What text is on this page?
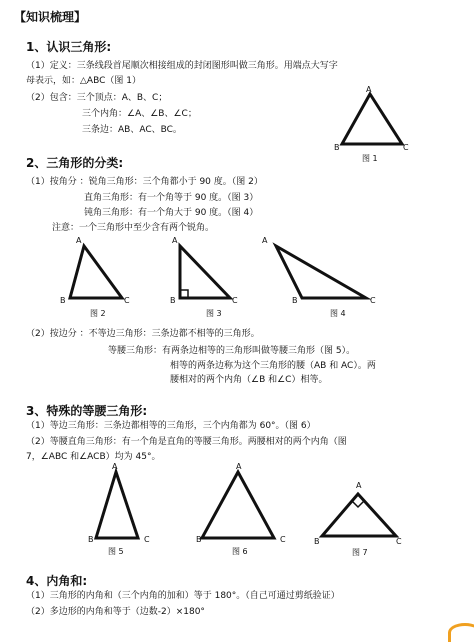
【知识梳理】
1、认识三角形:
（1）定义：三条线段首尾顺次相接组成的封闭图形叫做三角形。用端点大写字
母表示，如：△ABC（图 1）
（2）包含：三个顶点：A、B、C；
三个内角：∠A、∠B、∠C；
三条边：AB、AC、BC。
A
B	C
图 1
2、三角形的分类:
（1）按角分 ：锐角三角形：三个角都小于 90 度。（图 2）
直角三角形：有一个角等于 90 度。（图 3）
钝角三角形：有一个角大于 90 度。（图 4）
注意：一个三角形中至少含有两个锐角。
A
B	C
图 2
A
B	C
图 3
A
B	C
图 4
（2）按边分 ：不等边三角形：三条边都不相等的三角形。
等腰三角形：有两条边相等的三角形叫做等腰三角形（图 5）。
相等的两条边称为这个三角形的腰（AB 和 AC）。两
腰相对的两个内角（∠B 和∠C）相等。
3、特殊的等腰三角形:
（1）等边三角形：三条边都相等的三角形，三个内角都为 60°。（图 6）
（2）等腰直角三角形：有一个角是直角的等腰三角形。两腰相对的两个内角（图
7，∠ABC 和∠ACB）均为 45°。
A
B	C
图 5
A
B	C
图 6
A
B	C
图 7
4、内角和:
（1）三角形的内角和（三个内角的加和）等于 180°。（自己可通过剪纸验证）
（2）多边形的内角和等于（边数-2）×180°
